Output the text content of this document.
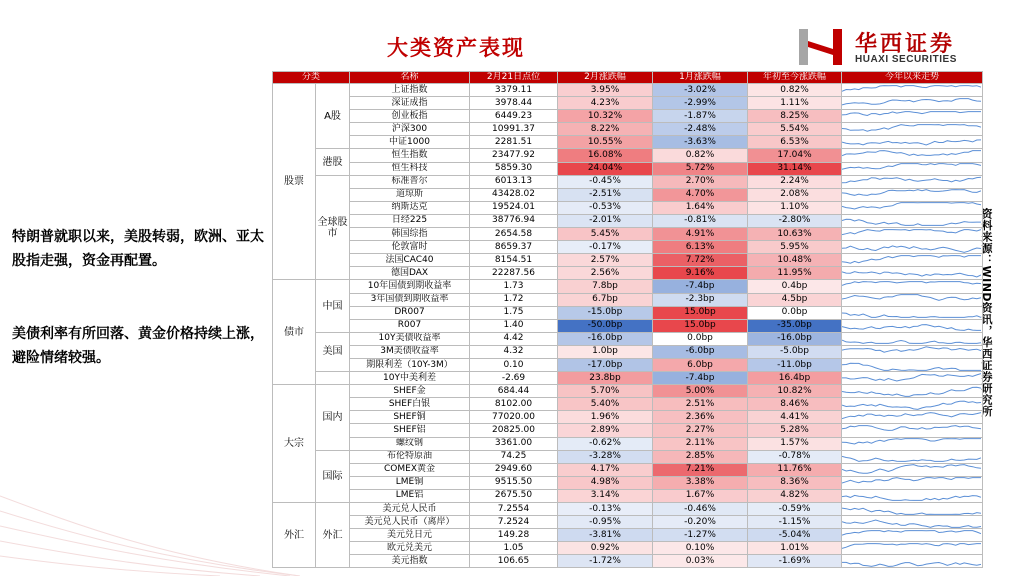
大类资产表现	华西证券
HUAXI SECURITIES
特朗普就职以来，美股转弱，欧洲、亚太股指走强，资金再配置。
美债利率有所回落、黄金价格持续上涨，避险情绪较强。	资料来源：WIND资讯，华西证券研究所
分类		名称	2月21日点位	2月涨跌幅	1月涨跌幅	年初至今涨跌幅	今年以来走势
股票	A股	上证指数	3379.11	3.95%	-3.02%	0.82%	

		深证成指	3978.44	4.23%	-2.99%	1.11%	

		创业板指	6449.23	10.32%	-1.87%	8.25%	

		沪深300	10991.37	8.22%	-2.48%	5.54%	

		中证1000	2281.51	10.55%	-3.63%	6.53%	

	港股	恒生指数	23477.92	16.08%	0.82%	17.04%	

		恒生科技	5859.30	24.04%	5.72%	31.14%	

	全球股市	标准普尔	6013.13	-0.45%	2.70%	2.24%	

		道琼斯	43428.02	-2.51%	4.70%	2.08%	

		纳斯达克	19524.01	-0.53%	1.64%	1.10%	

		日经225	38776.94	-2.01%	-0.81%	-2.80%	

		韩国综指	2654.58	5.45%	4.91%	10.63%	

		伦敦富时	8659.37	-0.17%	6.13%	5.95%	

		法国CAC40	8154.51	2.57%	7.72%	10.48%	

		德国DAX	22287.56	2.56%	9.16%	11.95%	

债市	中国	10年国债到期收益率	1.73	7.8bp	-7.4bp	0.4bp	

		3年国债到期收益率	1.72	6.7bp	-2.3bp	4.5bp	

		DR007	1.75	-15.0bp	15.0bp	0.0bp	

		R007	1.40	-50.0bp	15.0bp	-35.0bp	

	美国	10Y美债收益率	4.42	-16.0bp	0.0bp	-16.0bp	

		3M美债收益率	4.32	1.0bp	-6.0bp	-5.0bp	

		期限利差（10Y-3M）	0.10	-17.0bp	6.0bp	-11.0bp	

		10Y中美利差	-2.69	23.8bp	-7.4bp	16.4bp	

大宗	国内	SHEF金	684.44	5.70%	5.00%	10.82%	

		SHEF白银	8102.00	5.40%	2.51%	8.46%	

		SHEF铜	77020.00	1.96%	2.36%	4.41%	

		SHEF铝	20825.00	2.89%	2.27%	5.28%	

		螺纹钢	3361.00	-0.62%	2.11%	1.57%	

	国际	布伦特原油	74.25	-3.28%	2.85%	-0.78%	

		COMEX黄金	2949.60	4.17%	7.21%	11.76%	

		LME铜	9515.50	4.98%	3.38%	8.36%	

		LME铝	2675.50	3.14%	1.67%	4.82%	

外汇	外汇	美元兑人民币	7.2554	-0.13%	-0.46%	-0.59%	

		美元兑人民币（离岸）	7.2524	-0.95%	-0.20%	-1.15%	

		美元兑日元	149.28	-3.81%	-1.27%	-5.04%	

		欧元兑美元	1.05	0.92%	0.10%	1.01%	

		美元指数	106.65	-1.72%	0.03%	-1.69%	
